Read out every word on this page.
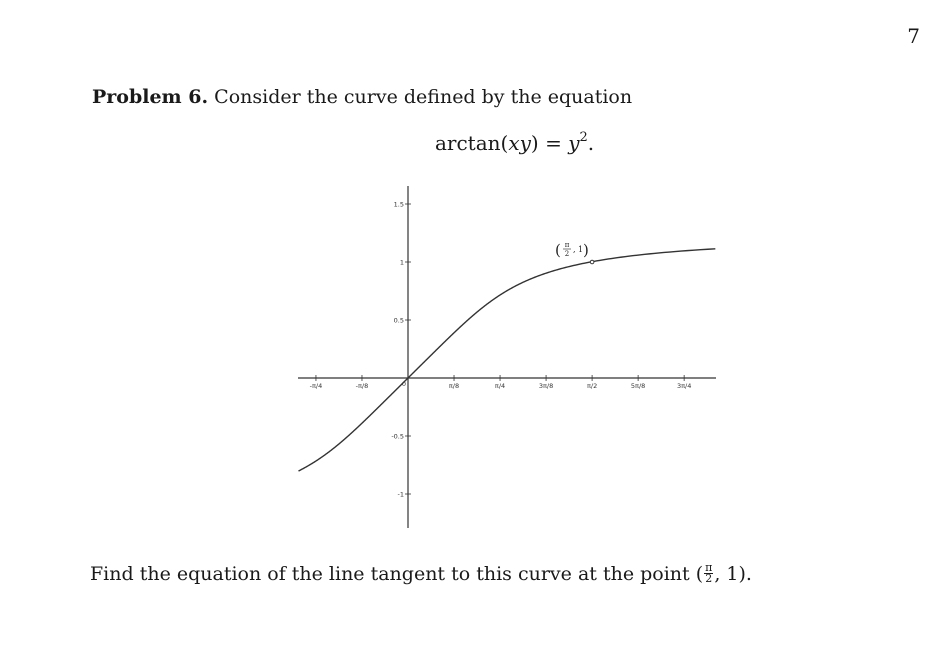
7
Problem 6. Consider the curve defined by the equation
$\arctan(xy) = y^2$.
-π/4	-π/8	π/8	π/4	3π/8	π/2	5π/8	3π/4
0
1.5
1
0.5
-0.5
-1
( π
2 , 1 )
Find the equation of the line tangent to this curve at the point ( $\frac{\pi}{2}$ , 1).
